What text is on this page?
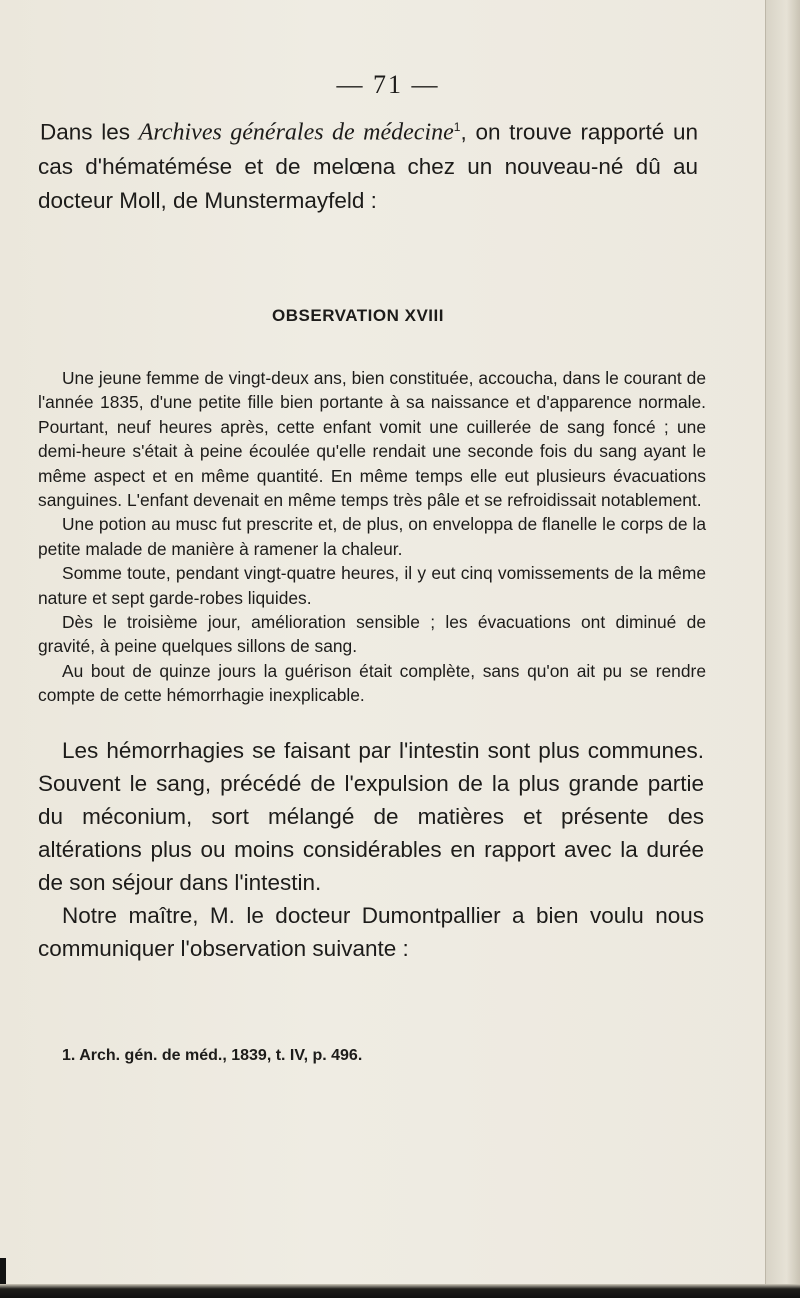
— 71 —
Dans les Archives générales de médecine$^1$, on trouve rapporté un cas d'hématémése et de melœna chez un nouveau-né dû au docteur Moll, de Munstermayfeld :
OBSERVATION XVIII

Une jeune femme de vingt-deux ans, bien constituée, accoucha, dans le courant de l'année 1835, d'une petite fille bien portante à sa naissance et d'apparence normale. Pourtant, neuf heures après, cette enfant vomit une cuillerée de sang foncé ; une demi-heure s'était à peine écoulée qu'elle rendait une seconde fois du sang ayant le même aspect et en même quantité. En même temps elle eut plusieurs évacuations sanguines. L'enfant devenait en même temps très pâle et se refroidissait notablement.

Une potion au musc fut prescrite et, de plus, on enveloppa de flanelle le corps de la petite malade de manière à ramener la chaleur.

Somme toute, pendant vingt-quatre heures, il y eut cinq vomissements de la même nature et sept garde-robes liquides.

Dès le troisième jour, amélioration sensible ; les évacuations ont diminué de gravité, à peine quelques sillons de sang.

Au bout de quinze jours la guérison était complète, sans qu'on ait pu se rendre compte de cette hémorrhagie inexplicable.

Les hémorrhagies se faisant par l'intestin sont plus communes. Souvent le sang, précédé de l'expulsion de la plus grande partie du méconium, sort mélangé de matières et présente des altérations plus ou moins considérables en rapport avec la durée de son séjour dans l'intestin.

Notre maître, M. le docteur Dumontpallier a bien voulu nous communiquer l'observation suivante :

1. Arch. gén. de méd., 1839, t. IV, p. 496.
